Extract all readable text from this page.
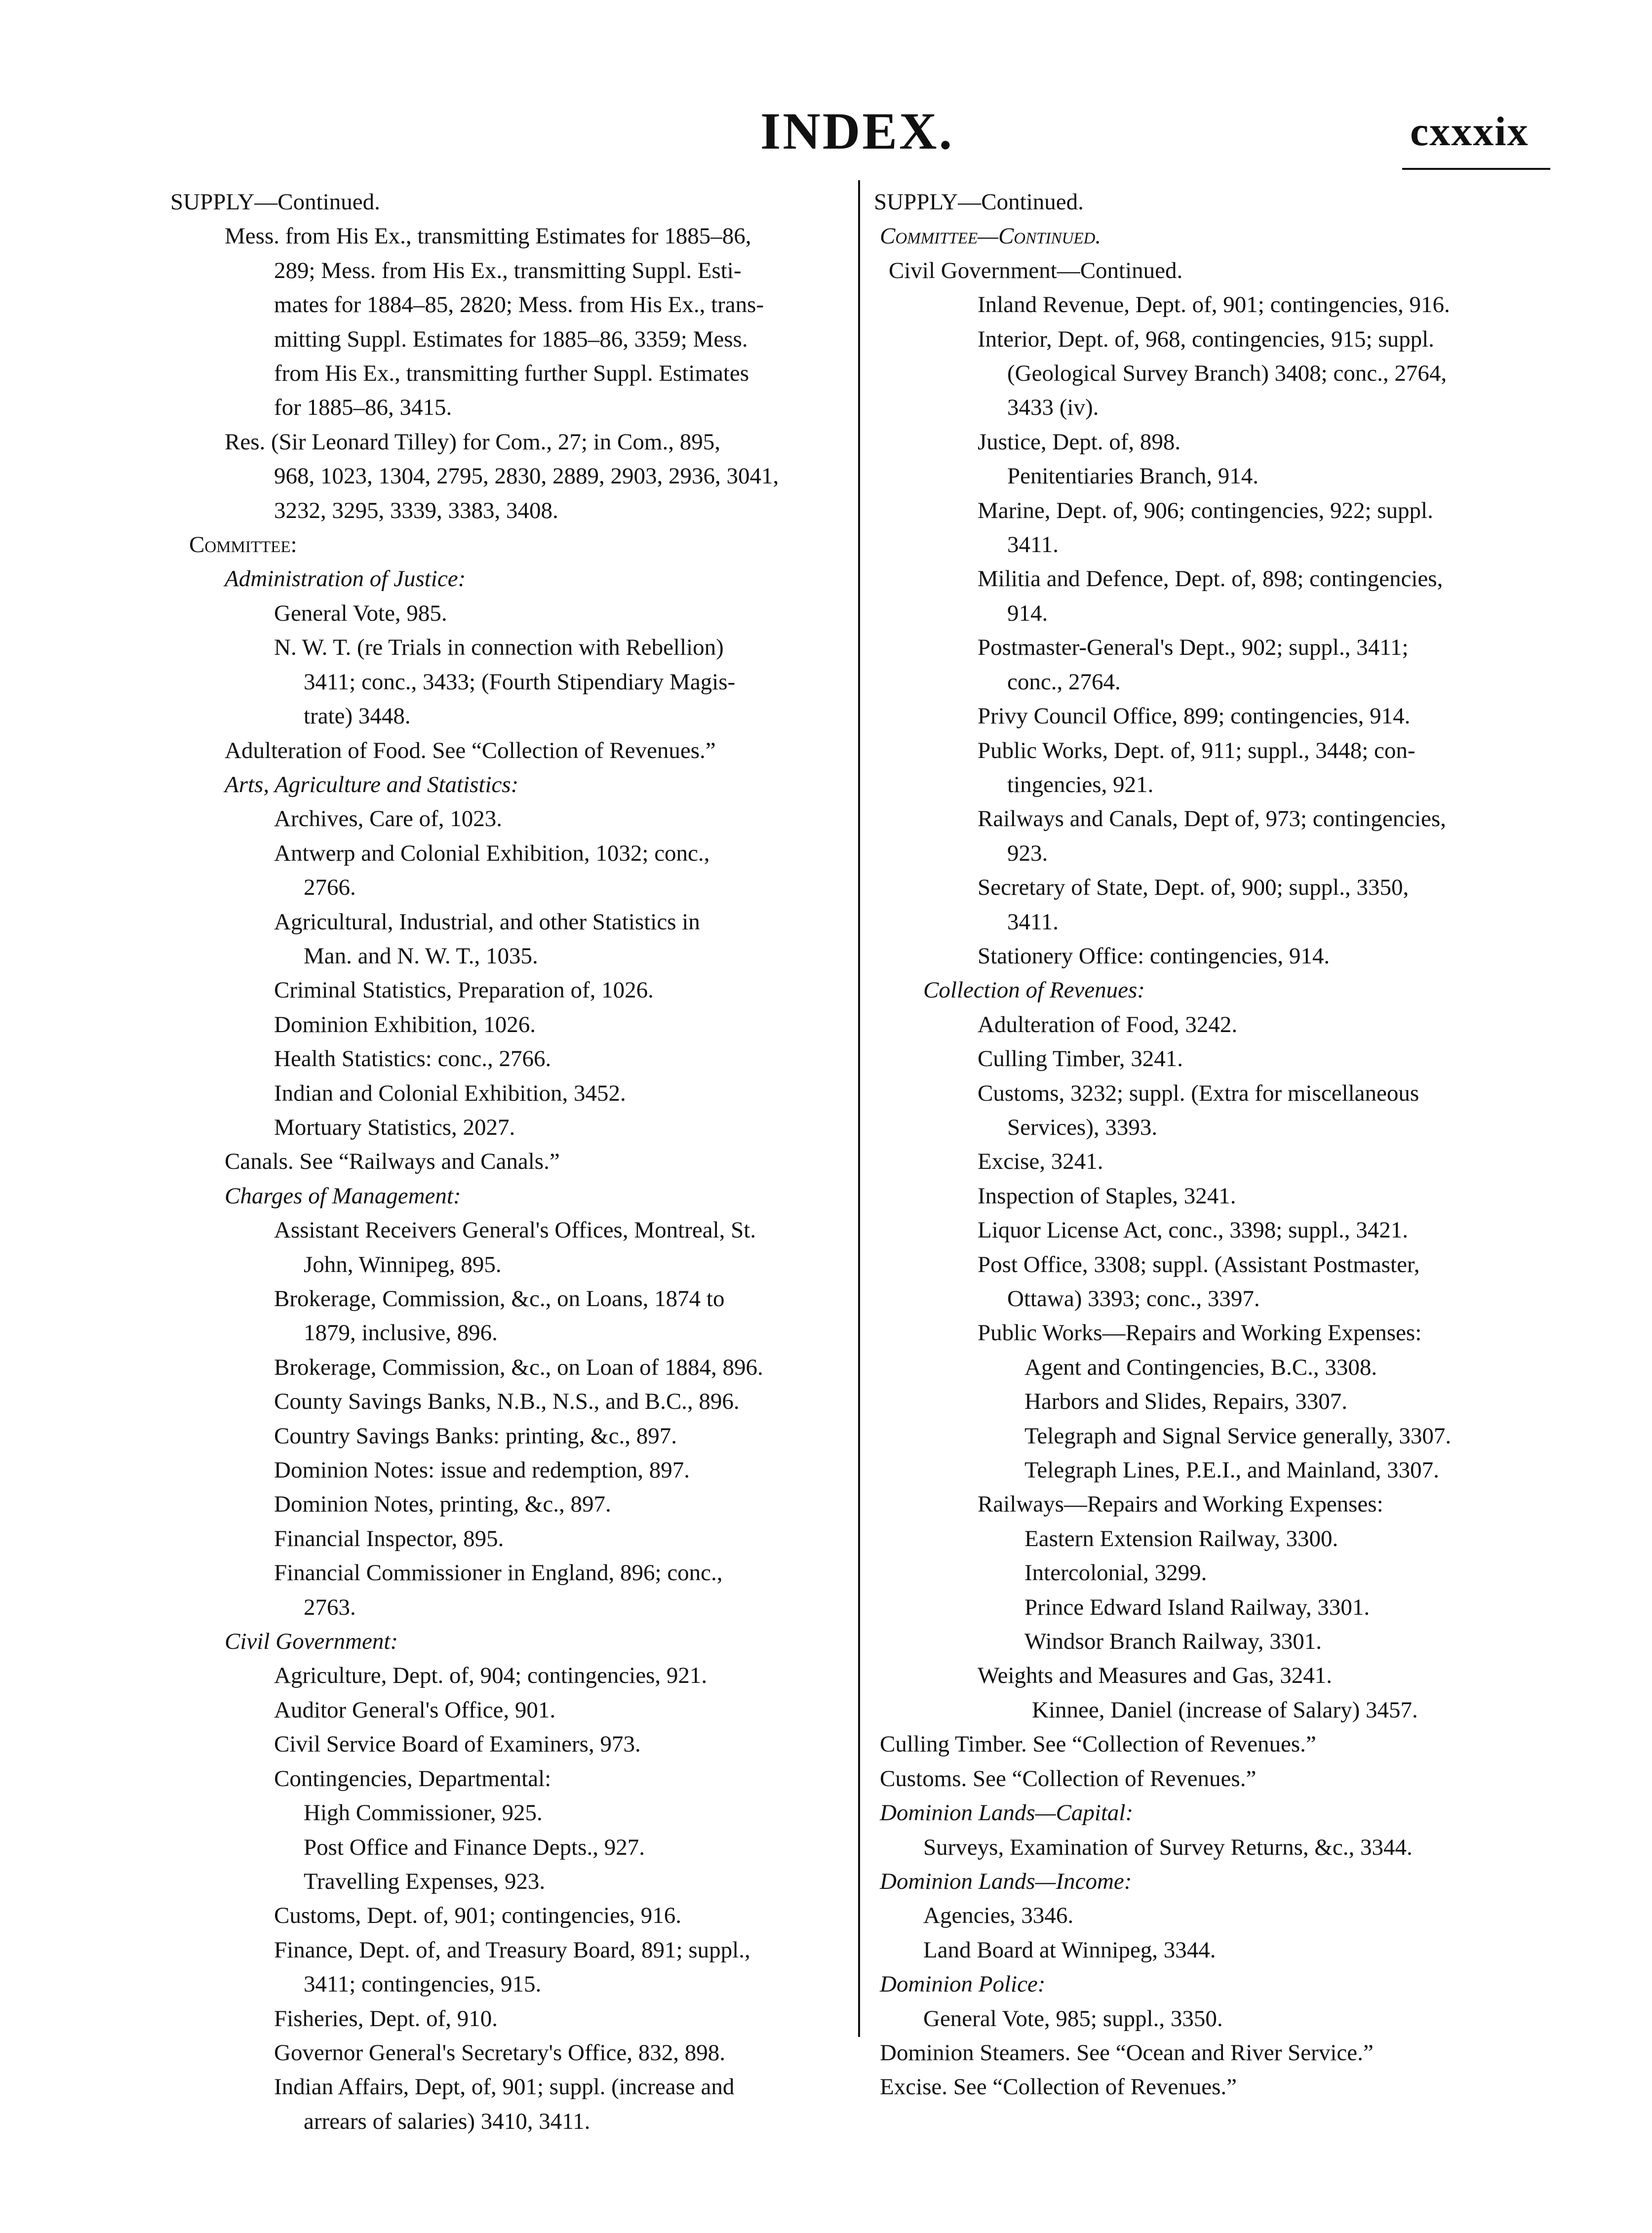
INDEX.	cxxxix
SUPPLY—Continued.
Mess. from His Ex., transmitting Estimates for 1885–86,
289; Mess. from His Ex., transmitting Suppl. Esti-
mates for 1884–85, 2820; Mess. from His Ex., trans-
mitting Suppl. Estimates for 1885–86, 3359; Mess.
from His Ex., transmitting further Suppl. Estimates
for 1885–86, 3415.
Res. (Sir Leonard Tilley) for Com., 27; in Com., 895,
968, 1023, 1304, 2795, 2830, 2889, 2903, 2936, 3041,
3232, 3295, 3339, 3383, 3408.
Committee:
Administration of Justice:
General Vote, 985.
N. W. T. (re Trials in connection with Rebellion)
3411; conc., 3433; (Fourth Stipendiary Magis-
trate) 3448.
Adulteration of Food. See “Collection of Revenues.”
Arts, Agriculture and Statistics:
Archives, Care of, 1023.
Antwerp and Colonial Exhibition, 1032; conc.,
2766.
Agricultural, Industrial, and other Statistics in
Man. and N. W. T., 1035.
Criminal Statistics, Preparation of, 1026.
Dominion Exhibition, 1026.
Health Statistics: conc., 2766.
Indian and Colonial Exhibition, 3452.
Mortuary Statistics, 2027.
Canals. See “Railways and Canals.”
Charges of Management:
Assistant Receivers General's Offices, Montreal, St.
John, Winnipeg, 895.
Brokerage, Commission, &c., on Loans, 1874 to
1879, inclusive, 896.
Brokerage, Commission, &c., on Loan of 1884, 896.
County Savings Banks, N.B., N.S., and B.C., 896.
Country Savings Banks: printing, &c., 897.
Dominion Notes: issue and redemption, 897.
Dominion Notes, printing, &c., 897.
Financial Inspector, 895.
Financial Commissioner in England, 896; conc.,
2763.
Civil Government:
Agriculture, Dept. of, 904; contingencies, 921.
Auditor General's Office, 901.
Civil Service Board of Examiners, 973.
Contingencies, Departmental:
High Commissioner, 925.
Post Office and Finance Depts., 927.
Travelling Expenses, 923.
Customs, Dept. of, 901; contingencies, 916.
Finance, Dept. of, and Treasury Board, 891; suppl.,
3411; contingencies, 915.
Fisheries, Dept. of, 910.
Governor General's Secretary's Office, 832, 898.
Indian Affairs, Dept, of, 901; suppl. (increase and
arrears of salaries) 3410, 3411.
SUPPLY—Continued.
Committee—Continued.
Civil Government—Continued.
Inland Revenue, Dept. of, 901; contingencies, 916.
Interior, Dept. of, 968, contingencies, 915; suppl.
(Geological Survey Branch) 3408; conc., 2764,
3433 (iv).
Justice, Dept. of, 898.
Penitentiaries Branch, 914.
Marine, Dept. of, 906; contingencies, 922; suppl.
3411.
Militia and Defence, Dept. of, 898; contingencies,
914.
Postmaster-General's Dept., 902; suppl., 3411;
conc., 2764.
Privy Council Office, 899; contingencies, 914.
Public Works, Dept. of, 911; suppl., 3448; con-
tingencies, 921.
Railways and Canals, Dept of, 973; contingencies,
923.
Secretary of State, Dept. of, 900; suppl., 3350,
3411.
Stationery Office: contingencies, 914.
Collection of Revenues:
Adulteration of Food, 3242.
Culling Timber, 3241.
Customs, 3232; suppl. (Extra for miscellaneous
Services), 3393.
Excise, 3241.
Inspection of Staples, 3241.
Liquor License Act, conc., 3398; suppl., 3421.
Post Office, 3308; suppl. (Assistant Postmaster,
Ottawa) 3393; conc., 3397.
Public Works—Repairs and Working Expenses:
Agent and Contingencies, B.C., 3308.
Harbors and Slides, Repairs, 3307.
Telegraph and Signal Service generally, 3307.
Telegraph Lines, P.E.I., and Mainland, 3307.
Railways—Repairs and Working Expenses:
Eastern Extension Railway, 3300.
Intercolonial, 3299.
Prince Edward Island Railway, 3301.
Windsor Branch Railway, 3301.
Weights and Measures and Gas, 3241.
Kinnee, Daniel (increase of Salary) 3457.
Culling Timber. See “Collection of Revenues.”
Customs. See “Collection of Revenues.”
Dominion Lands—Capital:
Surveys, Examination of Survey Returns, &c., 3344.
Dominion Lands—Income:
Agencies, 3346.
Land Board at Winnipeg, 3344.
Dominion Police:
General Vote, 985; suppl., 3350.
Dominion Steamers. See “Ocean and River Service.”
Excise. See “Collection of Revenues.”
